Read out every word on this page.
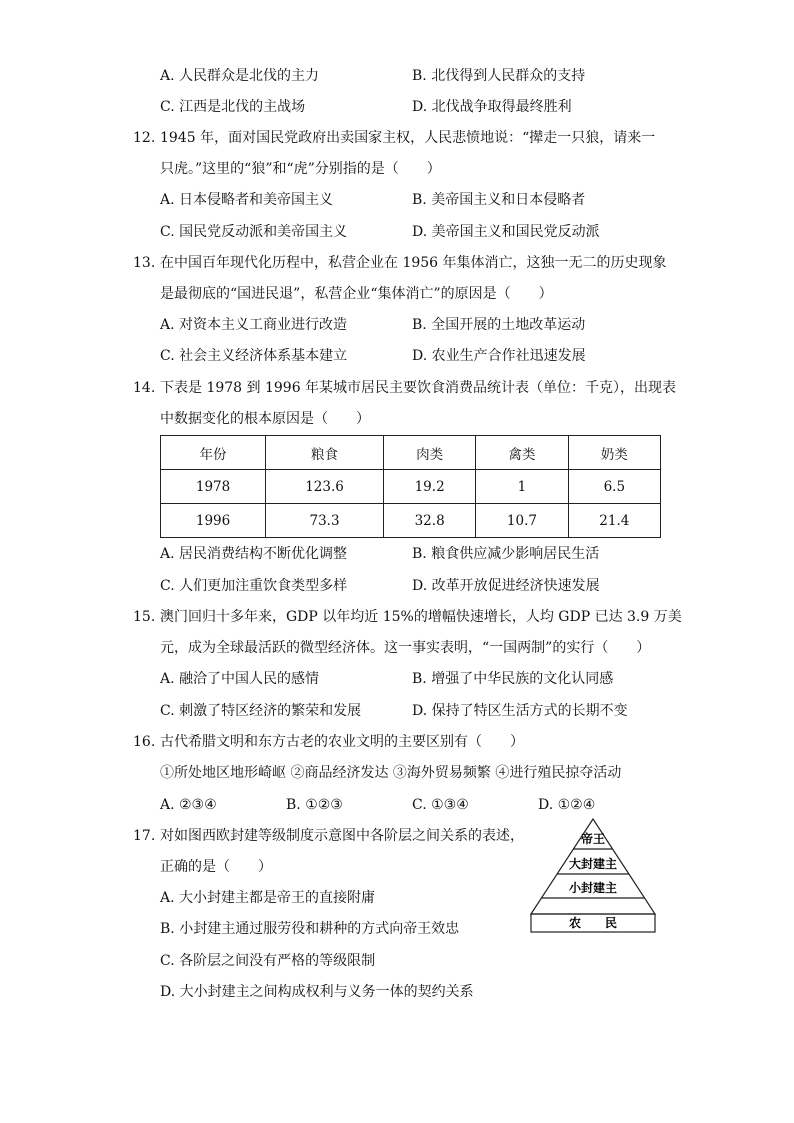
A. 人民群众是北伐的主力	B. 北伐得到人民群众的支持
C. 江西是北伐的主战场	D. 北伐战争取得最终胜利
12. 1945 年，面对国民党政府出卖国家主权，人民悲愤地说：“撵走一只狼，请来一
只虎。”这里的“狼”和“虎”分别指的是（　　）
A. 日本侵略者和美帝国主义	B. 美帝国主义和日本侵略者
C. 国民党反动派和美帝国主义	D. 美帝国主义和国民党反动派
13. 在中国百年现代化历程中，私营企业在 1956 年集体消亡，这独一无二的历史现象
是最彻底的“国进民退”，私营企业“集体消亡”的原因是（　　）
A. 对资本主义工商业进行改造	B. 全国开展的土地改革运动
C. 社会主义经济体系基本建立	D. 农业生产合作社迅速发展
14. 下表是 1978 到 1996 年某城市居民主要饮食消费品统计表（单位：千克），出现表
中数据变化的根本原因是（　　）
年份	粮食	肉类	禽类	奶类
1978	123.6	19.2	1	6.5
1996	73.3	32.8	10.7	21.4
A. 居民消费结构不断优化调整	B. 粮食供应减少影响居民生活
C. 人们更加注重饮食类型多样	D. 改革开放促进经济快速发展
15. 澳门回归十多年来，GDP 以年均近 15%的增幅快速增长，人均 GDP 已达 3.9 万美
元，成为全球最活跃的微型经济体。这一事实表明，“一国两制”的实行（　　）
A. 融洽了中国人民的感情	B. 增强了中华民族的文化认同感
C. 刺激了特区经济的繁荣和发展	D. 保持了特区生活方式的长期不变
16. 古代希腊文明和东方古老的农业文明的主要区别有（　　）
①所处地区地形崎岖 ②商品经济发达 ③海外贸易频繁 ④进行殖民掠夺活动
A. ②③④	B. ①②③	C. ①③④	D. ①②④
17. 对如图西欧封建等级制度示意图中各阶层之间关系的表述，
正确的是（　　）
A. 大小封建主都是帝王的直接附庸
B. 小封建主通过服劳役和耕种的方式向帝王效忠
C. 各阶层之间没有严格的等级限制
D. 大小封建主之间构成权利与义务一体的契约关系
帝王
大封建主
小封建主
农　　民
